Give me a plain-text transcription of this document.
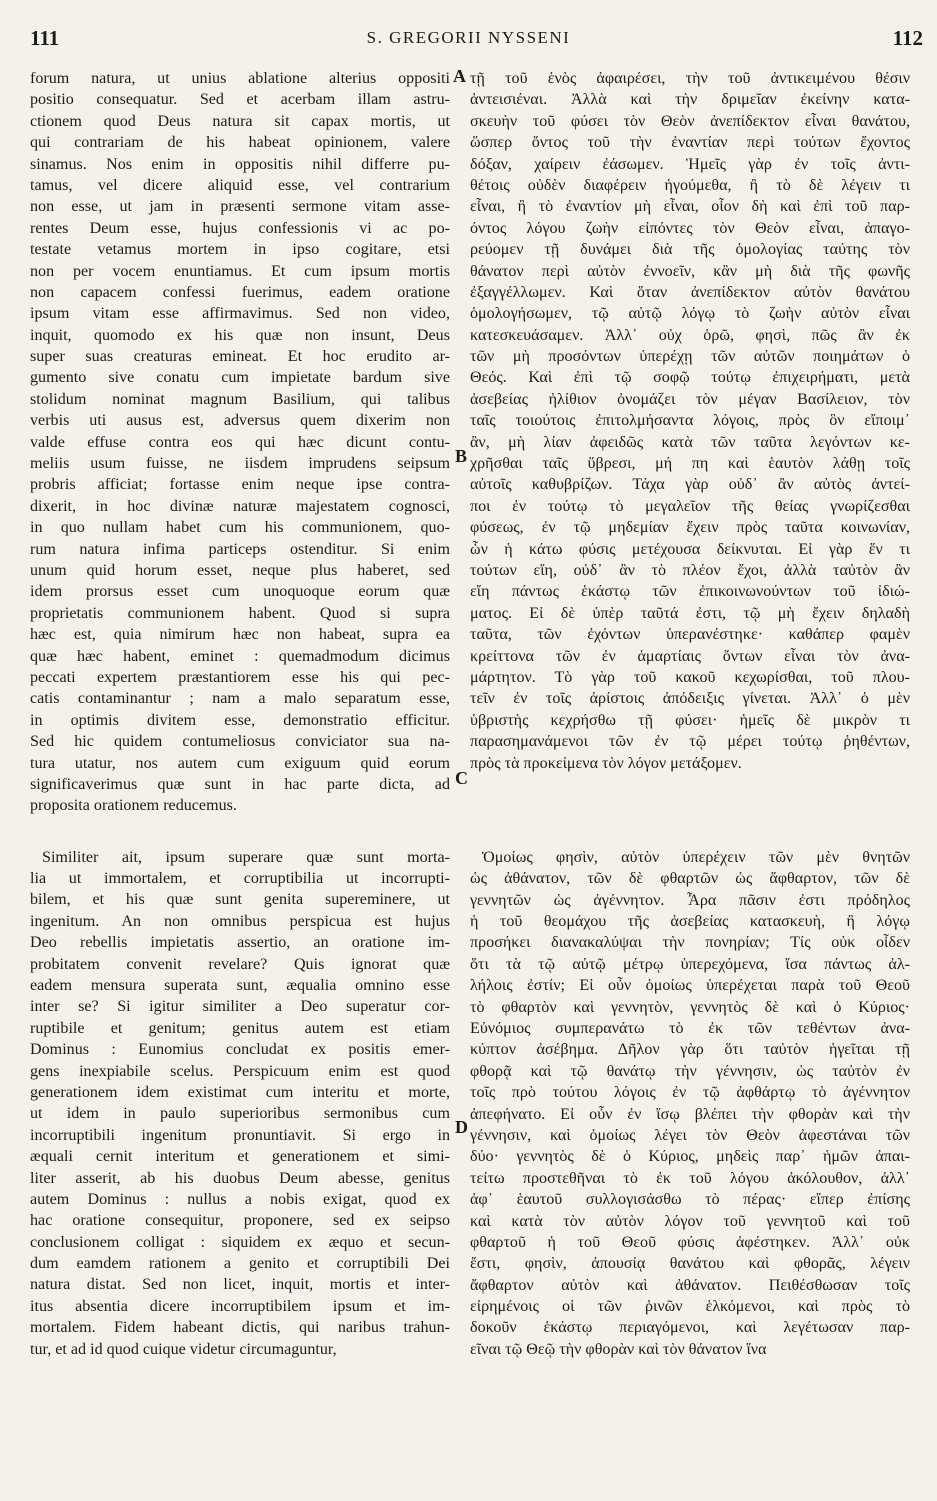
111	S. GREGORII NYSSENI	112
A
B
C
D

forum natura, ut unius ablatione alterius oppositi
positio consequatur. Sed et acerbam illam astru-
ctionem quod Deus natura sit capax mortis, ut
qui contrariam de his habeat opinionem, valere
sinamus. Nos enim in oppositis nihil differre pu-
tamus, vel dicere aliquid esse, vel contrarium
non esse, ut jam in præsenti sermone vitam asse-
rentes Deum esse, hujus confessionis vi ac po-
testate vetamus mortem in ipso cogitare, etsi
non per vocem enuntiamus. Et cum ipsum mortis
non capacem confessi fuerimus, eadem oratione
ipsum vitam esse affirmavimus. Sed non video,
inquit, quomodo ex his quæ non insunt, Deus
super suas creaturas emineat. Et hoc erudito ar-
gumento sive conatu cum impietate bardum sive
stolidum nominat magnum Basilium, qui talibus
verbis uti ausus est, adversus quem dixerim non
valde effuse contra eos qui hæc dicunt contu-
meliis usum fuisse, ne iisdem imprudens seipsum
probris afficiat; fortasse enim neque ipse contra-
dixerit, in hoc divinæ naturæ majestatem cognosci,
in quo nullam habet cum his communionem, quo-
rum natura infima particeps ostenditur. Si enim
unum quid horum esset, neque plus haberet, sed
idem prorsus esset cum unoquoque eorum quæ
proprietatis communionem habent. Quod si supra
hæc est, quia nimirum hæc non habeat, supra ea
quæ hæc habent, eminet : quemadmodum dicimus
peccati expertem præstantiorem esse his qui pec-
catis contaminantur ; nam a malo separatum esse,
in optimis divitem esse, demonstratio efficitur.
Sed hic quidem contumeliosus conviciator sua na-
tura utatur, nos autem cum exiguum quid eorum
significaverimus quæ sunt in hac parte dicta, ad
proposita orationem reducemus.

Similiter ait, ipsum superare quæ sunt morta-
lia ut immortalem, et corruptibilia ut incorrupti-
bilem, et his quæ sunt genita supereminere, ut
ingenitum. An non omnibus perspicua est hujus
Deo rebellis impietatis assertio, an oratione im-
probitatem convenit revelare? Quis ignorat quæ
eadem mensura superata sunt, æqualia omnino esse
inter se? Si igitur similiter a Deo superatur cor-
ruptibile et genitum; genitus autem est etiam
Dominus : Eunomius concludat ex positis emer-
gens inexpiabile scelus. Perspicuum enim est quod
generationem idem existimat cum interitu et morte,
ut idem in paulo superioribus sermonibus cum
incorruptibili ingenitum pronuntiavit. Si ergo in
æquali cernit interitum et generationem et simi-
liter asserit, ab his duobus Deum abesse, genitus
autem Dominus : nullus a nobis exigat, quod ex
hac oratione consequitur, proponere, sed ex seipso
conclusionem colligat : siquidem ex æquo et secun-
dum eamdem rationem a genito et corruptibili Dei
natura distat. Sed non licet, inquit, mortis et inter-
itus absentia dicere incorruptibilem ipsum et im-
mortalem. Fidem habeant dictis, qui naribus trahun-
tur, et ad id quod cuique videtur circumaguntur,

τῇ τοῦ ἑνὸς ἀφαιρέσει, τὴν τοῦ ἀντικειμένου θέσιν
ἀντεισιέναι. Ἀλλὰ καὶ τὴν δριμεῖαν ἐκείνην κατα-
σκευὴν τοῦ φύσει τὸν Θεὸν ἀνεπίδεκτον εἶναι θανάτου,
ὥσπερ ὄντος τοῦ τὴν ἐναντίαν περὶ τούτων ἔχοντος
δόξαν, χαίρειν ἐάσωμεν. Ἡμεῖς γὰρ ἐν τοῖς ἀντι-
θέτοις οὐδὲν διαφέρειν ἡγούμεθα, ἢ τὸ δὲ λέγειν τι
εἶναι, ἢ τὸ ἐναντίον μὴ εἶναι, οἷον δὴ καὶ ἐπὶ τοῦ παρ-
όντος λόγου ζωὴν εἰπόντες τὸν Θεὸν εἶναι, ἀπαγο-
ρεύομεν τῇ δυνάμει διὰ τῆς ὁμολογίας ταύτης τὸν
θάνατον περὶ αὐτὸν ἐννοεῖν, κἂν μὴ διὰ τῆς φωνῆς
ἐξαγγέλλωμεν. Καὶ ὅταν ἀνεπίδεκτον αὐτὸν θανάτου
ὁμολογήσωμεν, τῷ αὐτῷ λόγῳ τὸ ζωὴν αὐτὸν εἶναι
κατεσκευάσαμεν. Ἀλλ᾽ οὐχ ὁρῶ, φησὶ, πῶς ἂν ἐκ
τῶν μὴ προσόντων ὑπερέχῃ τῶν αὐτῶν ποιημάτων ὁ
Θεός. Καὶ ἐπὶ τῷ σοφῷ τούτῳ ἐπιχειρήματι, μετὰ
ἀσεβείας ἠλίθιον ὀνομάζει τὸν μέγαν Βασίλειον, τὸν
ταῖς τοιούτοις ἐπιτολμήσαντα λόγοις, πρὸς ὃν εἴποιμ᾽
ἂν, μὴ λίαν ἀφειδῶς κατὰ τῶν ταῦτα λεγόντων κε-
χρῆσθαι ταῖς ὕβρεσι, μή πη καὶ ἑαυτὸν λάθῃ τοῖς
αὐτοῖς καθυβρίζων. Τάχα γὰρ οὐδ᾽ ἂν αὐτὸς ἀντεί-
ποι ἐν τούτῳ τὸ μεγαλεῖον τῆς θείας γνωρίζεσθαι
φύσεως, ἐν τῷ μηδεμίαν ἔχειν πρὸς ταῦτα κοινωνίαν,
ὧν ἡ κάτω φύσις μετέχουσα δείκνυται. Εἰ γὰρ ἕν τι
τούτων εἴη, οὐδ᾽ ἂν τὸ πλέον ἔχοι, ἀλλὰ ταὐτὸν ἂν
εἴη πάντως ἑκάστῳ τῶν ἐπικοινωνούντων τοῦ ἰδιώ-
ματος. Εἰ δὲ ὑπὲρ ταῦτά ἐστι, τῷ μὴ ἔχειν δηλαδὴ
ταῦτα, τῶν ἐχόντων ὑπερανέστηκε· καθάπερ φαμὲν
κρείττονα τῶν ἐν ἁμαρτίαις ὄντων εἶναι τὸν ἀνα-
μάρτητον. Τὸ γὰρ τοῦ κακοῦ κεχωρίσθαι, τοῦ πλου-
τεῖν ἐν τοῖς ἀρίστοις ἀπόδειξις γίνεται. Ἀλλ᾽ ὁ μὲν
ὑβριστὴς κεχρήσθω τῇ φύσει· ἡμεῖς δὲ μικρὸν τι
παρασημανάμενοι τῶν ἐν τῷ μέρει τούτῳ ῥηθέντων,
πρὸς τὰ προκείμενα τὸν λόγον μετάξομεν.

Ὁμοίως φησὶν, αὐτὸν ὑπερέχειν τῶν μὲν θνητῶν
ὡς ἀθάνατον, τῶν δὲ φθαρτῶν ὡς ἄφθαρτον, τῶν δὲ
γεννητῶν ὡς ἀγέννητον. Ἆρα πᾶσιν ἐστι πρόδηλος
ἡ τοῦ θεομάχου τῆς ἀσεβείας κατασκευὴ, ἢ λόγῳ
προσήκει διανακαλύψαι τὴν πονηρίαν; Τίς οὐκ οἶδεν
ὅτι τὰ τῷ αὐτῷ μέτρῳ ὑπερεχόμενα, ἴσα πάντως ἀλ-
λήλοις ἐστίν; Εἰ οὖν ὁμοίως ὑπερέχεται παρὰ τοῦ Θεοῦ
τὸ φθαρτὸν καὶ γεννητὸν, γεννητὸς δὲ καὶ ὁ Κύριος·
Εὐνόμιος συμπερανάτω τὸ ἐκ τῶν τεθέντων ἀνα-
κύπτον ἀσέβημα. Δῆλον γὰρ ὅτι ταὐτὸν ἡγεῖται τῇ
φθορᾷ καὶ τῷ θανάτῳ τὴν γέννησιν, ὡς ταὐτὸν ἐν
τοῖς πρὸ τούτου λόγοις ἐν τῷ ἀφθάρτῳ τὸ ἀγέννητον
ἀπεφήνατο. Εἰ οὖν ἐν ἴσῳ βλέπει τὴν φθορὰν καὶ τὴν
γέννησιν, καὶ ὁμοίως λέγει τὸν Θεὸν ἀφεστάναι τῶν
δύο· γεννητὸς δὲ ὁ Κύριος, μηδεὶς παρ᾽ ἡμῶν ἀπαι-
τείτω προστεθῆναι τὸ ἐκ τοῦ λόγου ἀκόλουθον, ἀλλ᾽
ἀφ᾽ ἑαυτοῦ συλλογισάσθω τὸ πέρας· εἴπερ ἐπίσης
καὶ κατὰ τὸν αὐτὸν λόγον τοῦ γεννητοῦ καὶ τοῦ
φθαρτοῦ ἡ τοῦ Θεοῦ φύσις ἀφέστηκεν. Ἀλλ᾽ οὐκ
ἔστι, φησὶν, ἀπουσίᾳ θανάτου καὶ φθορᾶς, λέγειν
ἄφθαρτον αὐτὸν καὶ ἀθάνατον. Πειθέσθωσαν τοῖς
εἰρημένοις οἱ τῶν ῥινῶν ἑλκόμενοι, καὶ πρὸς τὸ
δοκοῦν ἑκάστῳ περιαγόμενοι, καὶ λεγέτωσαν παρ-
εῖναι τῷ Θεῷ τὴν φθορὰν καὶ τὸν θάνατον ἵνα
